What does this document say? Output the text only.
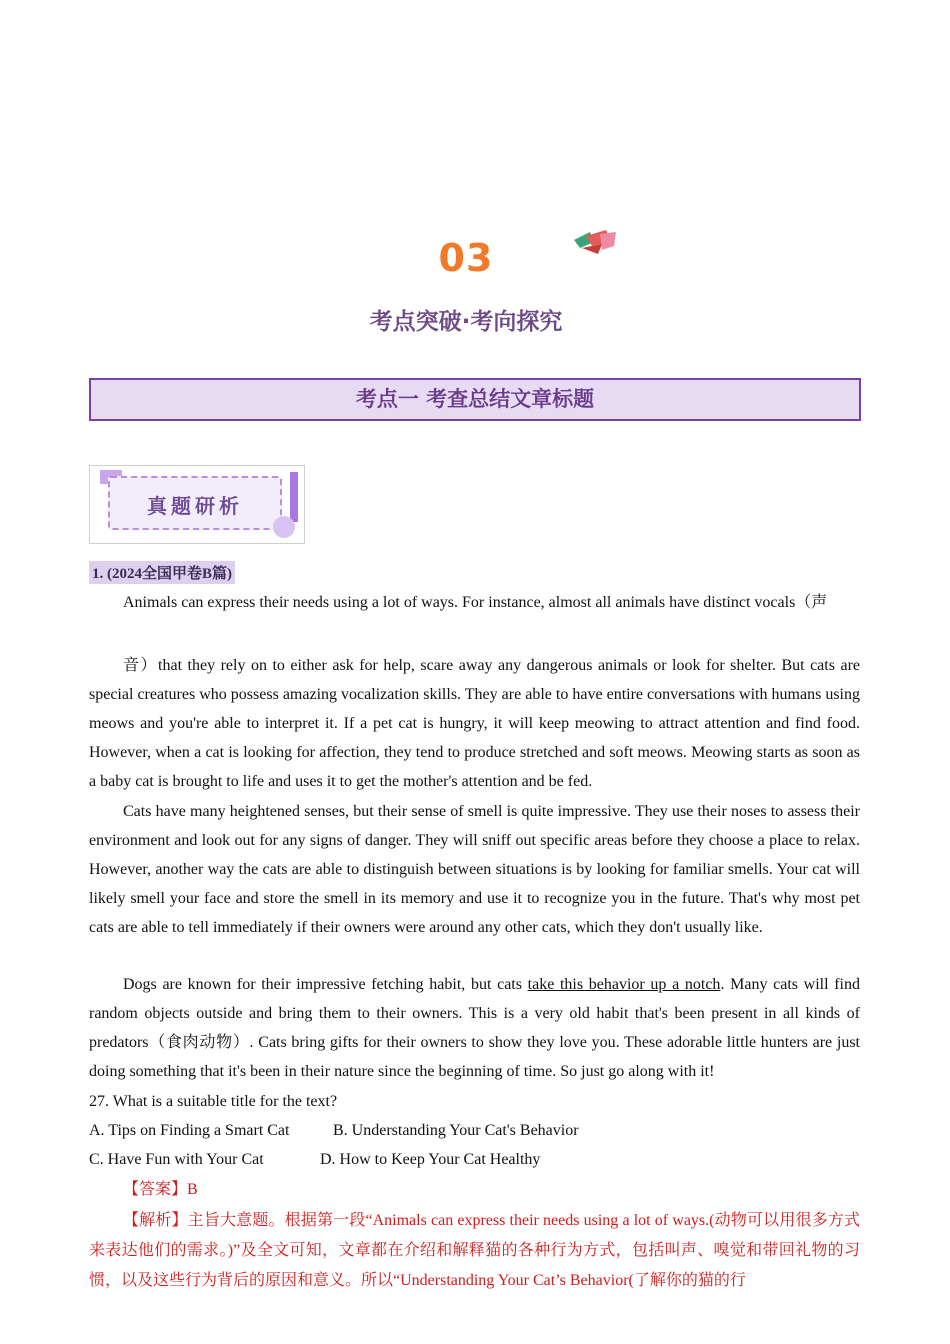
03
考点突破·考向探究
考点一 考查总结文章标题
真题研析
1. (2024全国甲卷B篇)
Animals can express their needs using a lot of ways. For instance, almost all animals have distinct vocals（声
音）that they rely on to either ask for help, scare away any dangerous animals or look for shelter. But cats are special creatures who possess amazing vocalization skills. They are able to have entire conversations with humans using meows and you're able to interpret it. If a pet cat is hungry, it will keep meowing to attract attention and find food. However, when a cat is looking for affection, they tend to produce stretched and soft meows. Meowing starts as soon as a baby cat is brought to life and uses it to get the mother's attention and be fed.
Cats have many heightened senses, but their sense of smell is quite impressive. They use their noses to assess their environment and look out for any signs of danger. They will sniff out specific areas before they choose a place to relax. However, another way the cats are able to distinguish between situations is by looking for familiar smells. Your cat will likely smell your face and store the smell in its memory and use it to recognize you in the future. That's why most pet cats are able to tell immediately if their owners were around any other cats, which they don't usually like.
Dogs are known for their impressive fetching habit, but cats take this behavior up a notch. Many cats will find random objects outside and bring them to their owners. This is a very old habit that's been present in all kinds of predators（食肉动物）. Cats bring gifts for their owners to show they love you. These adorable little hunters are just doing something that it's been in their nature since the beginning of time. So just go along with it!
27. What is a suitable title for the text?
A. Tips on Finding a Smart Cat	B. Understanding Your Cat's Behavior
C. Have Fun with Your Cat	D. How to Keep Your Cat Healthy
【答案】B
【解析】主旨大意题。根据第一段“Animals can express their needs using a lot of ways.(动物可以用很多方式来表达他们的需求。)”及全文可知，文章都在介绍和解释猫的各种行为方式，包括叫声、嗅觉和带回礼物的习惯，以及这些行为背后的原因和意义。所以“Understanding Your Cat’s Behavior(了解你的猫的行
